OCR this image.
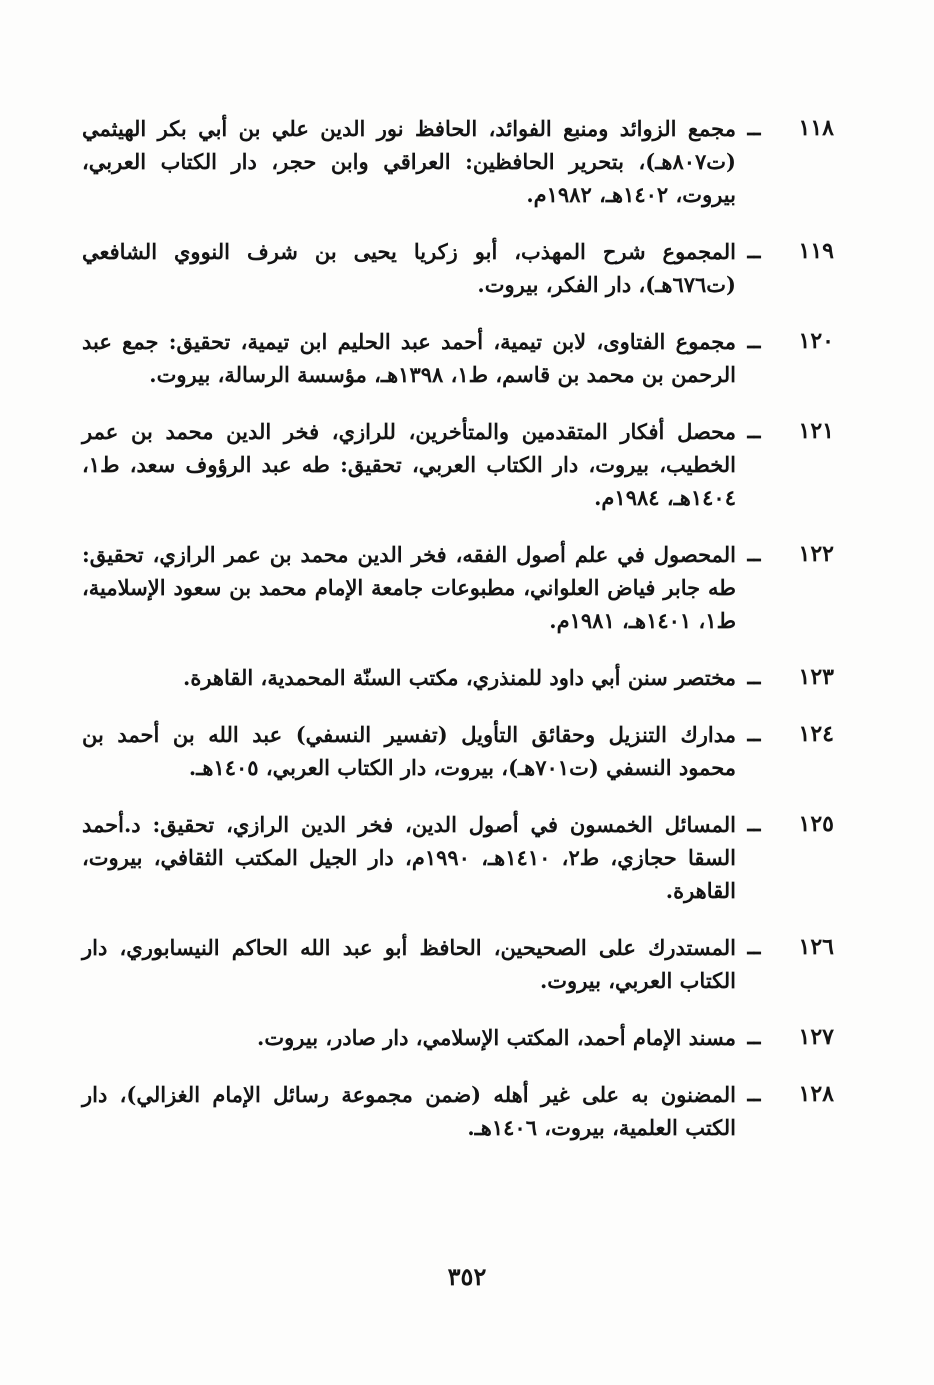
١١٨
ــ
مجمع الزوائد ومنبع الفوائد، الحافظ نور الدين علي بن أبي بكر الهيثمي (ت٨٠٧هـ)، بتحرير الحافظين: العراقي وابن حجر، دار الكتاب العربي، بيروت، ١٤٠٢هـ، ١٩٨٢م.
١١٩
ــ
المجموع شرح المهذب، أبو زكريا يحيى بن شرف النووي الشافعي (ت٦٧٦هـ)، دار الفكر، بيروت.
١٢٠
ــ
مجموع الفتاوى، لابن تيمية، أحمد عبد الحليم ابن تيمية، تحقيق: جمع عبد الرحمن بن محمد بن قاسم، ط١، ١٣٩٨هـ، مؤسسة الرسالة، بيروت.
١٢١
ــ
محصل أفكار المتقدمين والمتأخرين، للرازي، فخر الدين محمد بن عمر الخطيب، بيروت، دار الكتاب العربي، تحقيق: طه عبد الرؤوف سعد، ط١، ١٤٠٤هـ، ١٩٨٤م.
١٢٢
ــ
المحصول في علم أصول الفقه، فخر الدين محمد بن عمر الرازي، تحقيق: طه جابر فياض العلواني، مطبوعات جامعة الإمام محمد بن سعود الإسلامية، ط١، ١٤٠١هـ، ١٩٨١م.
١٢٣
ــ
مختصر سنن أبي داود للمنذري، مكتب السنّة المحمدية، القاهرة.
١٢٤
ــ
مدارك التنزيل وحقائق التأويل (تفسير النسفي) عبد الله بن أحمد بن محمود النسفي (ت٧٠١هـ)، بيروت، دار الكتاب العربي، ١٤٠٥هـ.
١٢٥
ــ
المسائل الخمسون في أصول الدين، فخر الدين الرازي، تحقيق: د.أحمد السقا حجازي، ط٢، ١٤١٠هـ، ١٩٩٠م، دار الجيل المكتب الثقافي، بيروت، القاهرة.
١٢٦
ــ
المستدرك على الصحيحين، الحافظ أبو عبد الله الحاكم النيسابوري، دار الكتاب العربي، بيروت.
١٢٧
ــ
مسند الإمام أحمد، المكتب الإسلامي، دار صادر، بيروت.
١٢٨
ــ
المضنون به على غير أهله (ضمن مجموعة رسائل الإمام الغزالي)، دار الكتب العلمية، بيروت، ١٤٠٦هـ.
٣٥٢
